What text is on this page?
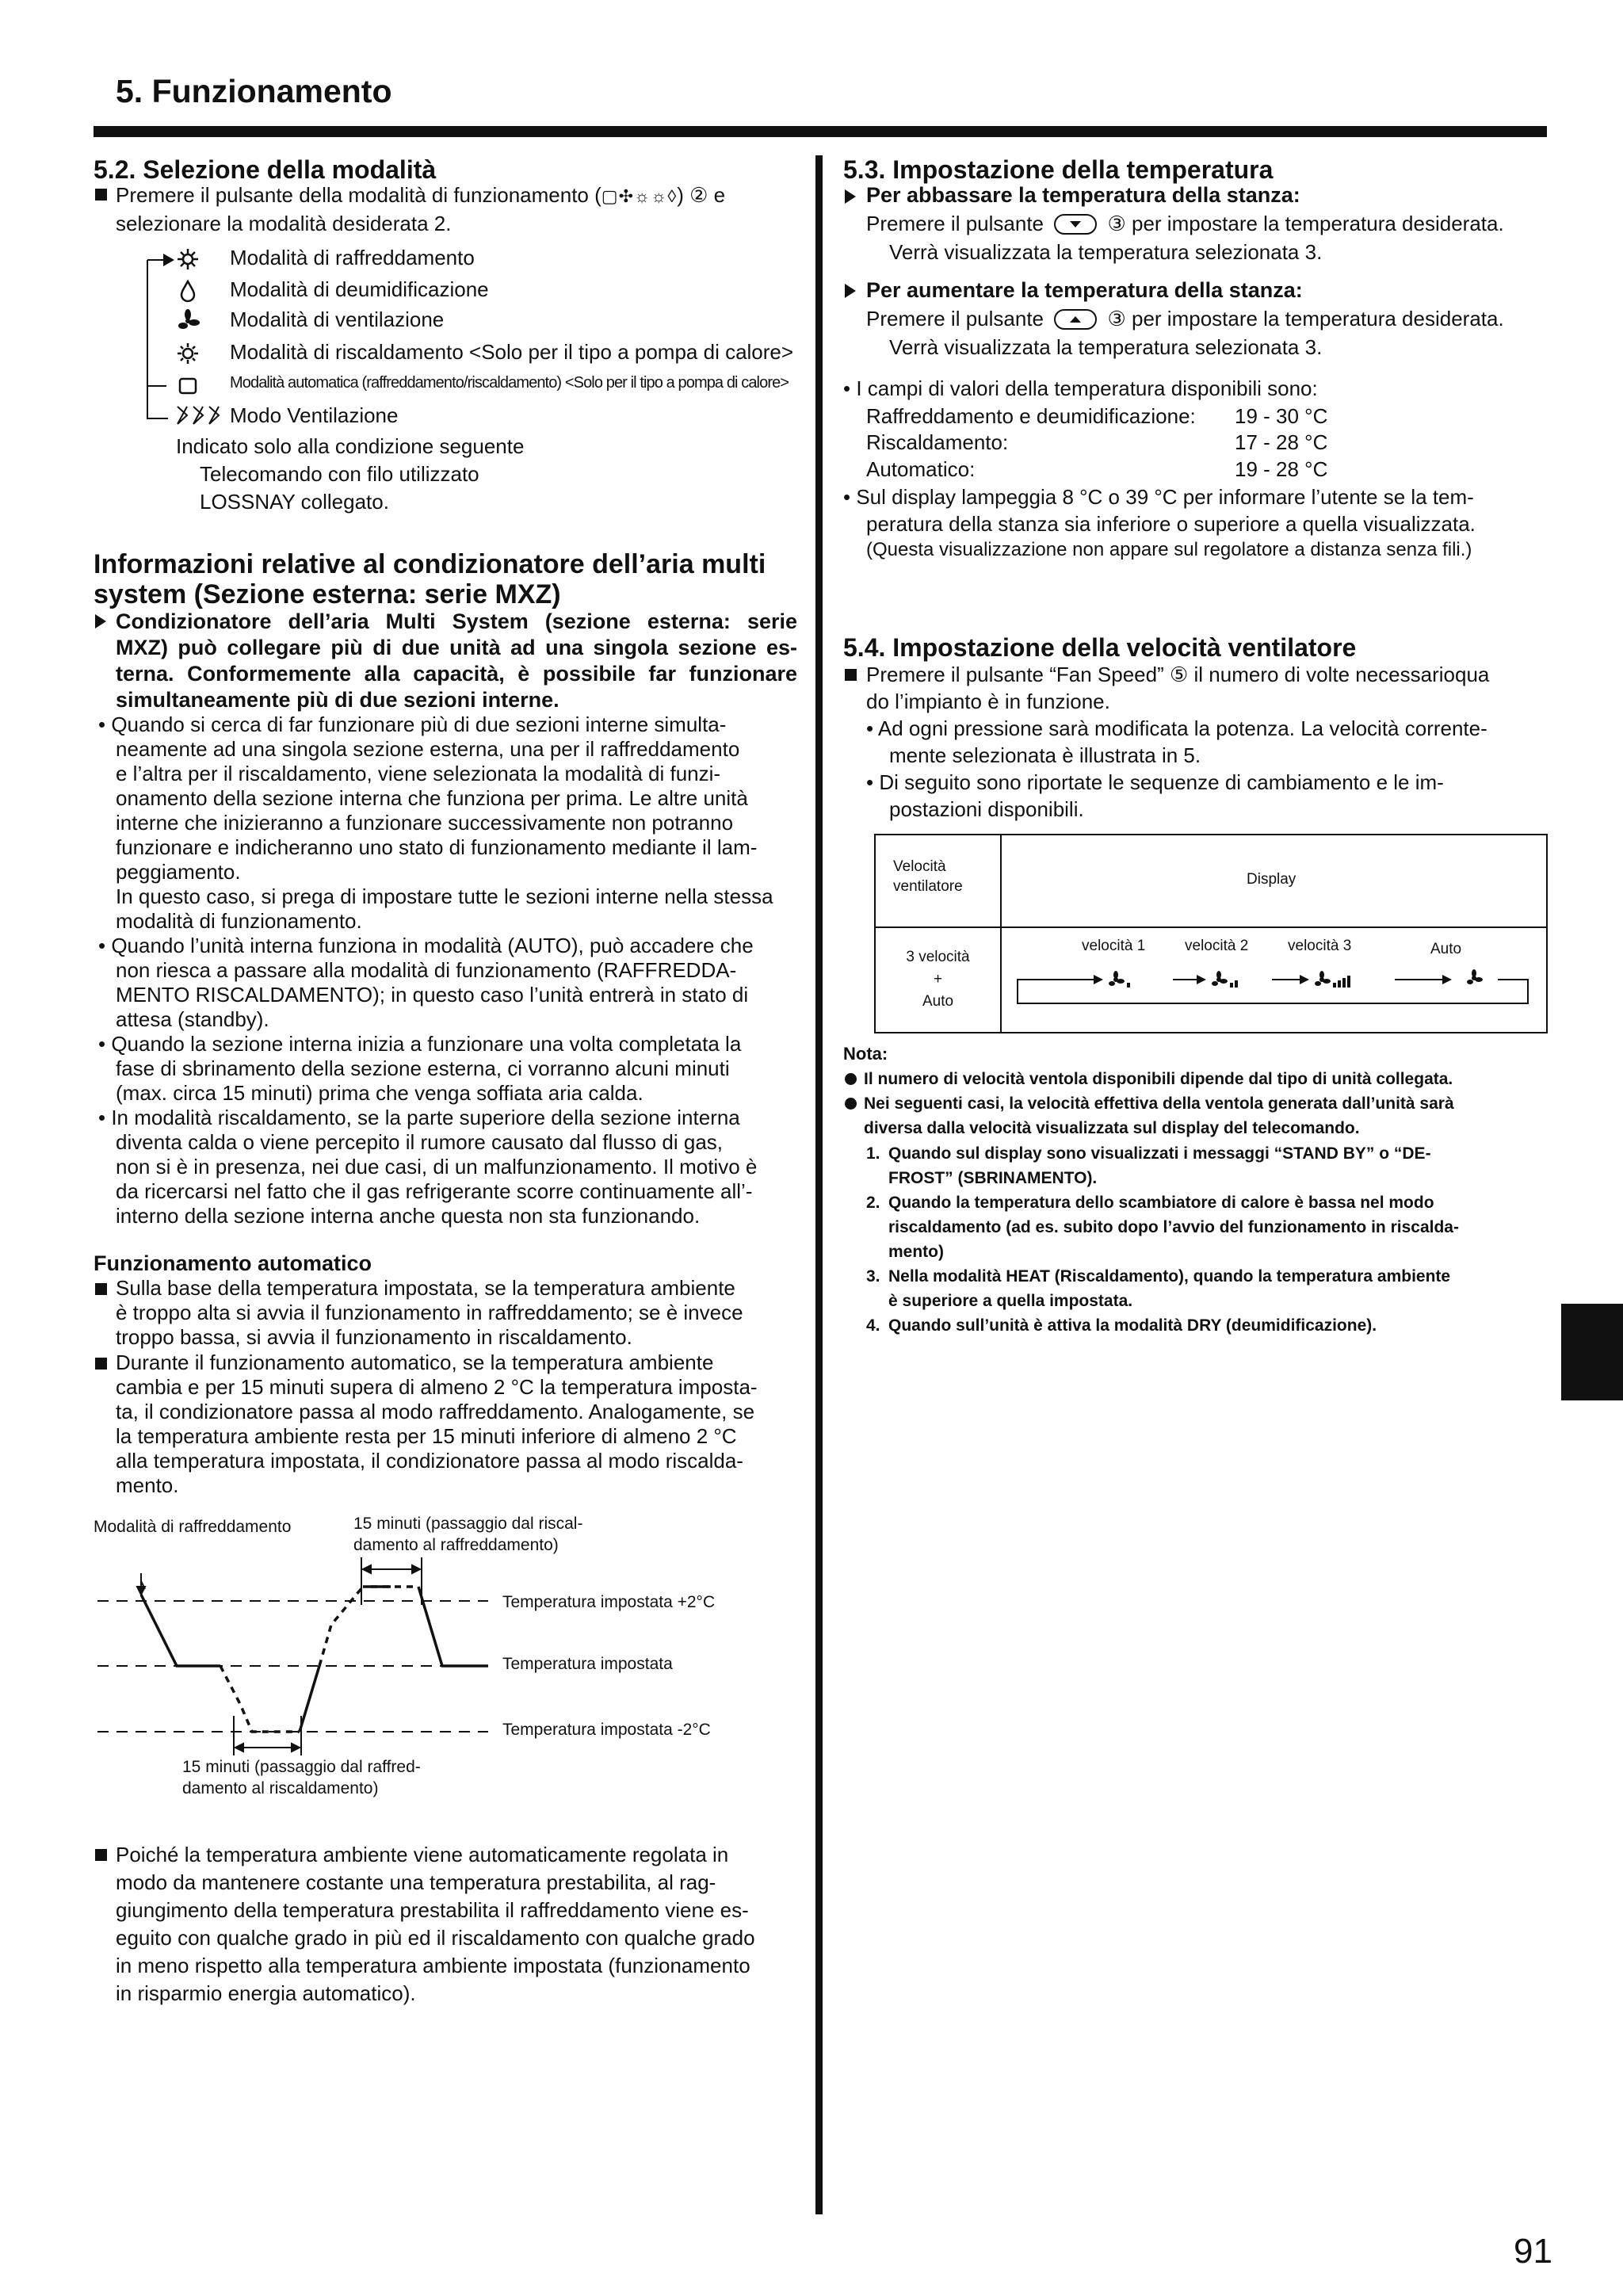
5. Funzionamento
91
5.2. Selezione della modalità
Premere il pulsante della modalità di funzionamento (▢✣☼☼◊) ② e
selezionare la modalità desiderata 2.
Modalità di raffreddamento
Modalità di deumidificazione
Modalità di ventilazione
Modalità di riscaldamento <Solo per il tipo a pompa di calore>
Modalità automatica (raffreddamento/riscaldamento) <Solo per il tipo a pompa di calore>
Modo Ventilazione
Indicato solo alla condizione seguente
Telecomando con filo utilizzato
LOSSNAY collegato.
Informazioni relative al condizionatore dell’aria multi
system (Sezione esterna: serie MXZ)
Condizionatore dell’aria Multi System (sezione esterna: serie
MXZ) può collegare più di due unità ad una singola sezione es-
terna. Conformemente alla capacità, è possibile far funzionare
simultaneamente più di due sezioni interne.
• Quando si cerca di far funzionare più di due sezioni interne simulta-
neamente ad una singola sezione esterna, una per il raffreddamento
e l’altra per il riscaldamento, viene selezionata la modalità di funzi-
onamento della sezione interna che funziona per prima. Le altre unità
interne che inizieranno a funzionare successivamente non potranno
funzionare e indicheranno uno stato di funzionamento mediante il lam-
peggiamento.
In questo caso, si prega di impostare tutte le sezioni interne nella stessa
modalità di funzionamento.
• Quando l’unità interna funziona in modalità (AUTO), può accadere che
non riesca a passare alla modalità di funzionamento (RAFFREDDA-
MENTO RISCALDAMENTO); in questo caso l’unità entrerà in stato di
attesa (standby).
• Quando la sezione interna inizia a funzionare una volta completata la
fase di sbrinamento della sezione esterna, ci vorranno alcuni minuti
(max. circa 15 minuti) prima che venga soffiata aria calda.
• In modalità riscaldamento, se la parte superiore della sezione interna
diventa calda o viene percepito il rumore causato dal flusso di gas,
non si è in presenza, nei due casi, di un malfunzionamento. Il motivo è
da ricercarsi nel fatto che il gas refrigerante scorre continuamente all’-
interno della sezione interna anche questa non sta funzionando.
Funzionamento automatico
Sulla base della temperatura impostata, se la temperatura ambiente
è troppo alta si avvia il funzionamento in raffreddamento; se è invece
troppo bassa, si avvia il funzionamento in riscaldamento.
Durante il funzionamento automatico, se la temperatura ambiente
cambia e per 15 minuti supera di almeno 2 °C la temperatura imposta-
ta, il condizionatore passa al modo raffreddamento. Analogamente, se
la temperatura ambiente resta per 15 minuti inferiore di almeno 2 °C
alla temperatura impostata, il condizionatore passa al modo riscalda-
mento.
Modalità di raffreddamento	15 minuti (passaggio dal riscal-
damento al raffreddamento)
Temperatura impostata +2°C
Temperatura impostata
Temperatura impostata -2°C
15 minuti (passaggio dal raffred-
damento al riscaldamento)
Poiché la temperatura ambiente viene automaticamente regolata in
modo da mantenere costante una temperatura prestabilita, al rag-
giungimento della temperatura prestabilita il raffreddamento viene es-
eguito con qualche grado in più ed il riscaldamento con qualche grado
in meno rispetto alla temperatura ambiente impostata (funzionamento
in risparmio energia automatico).
5.3. Impostazione della temperatura
Per abbassare la temperatura della stanza:
Premere il pulsante	③ per impostare la temperatura desiderata.
Verrà visualizzata la temperatura selezionata 3.
Per aumentare la temperatura della stanza:
Premere il pulsante	③ per impostare la temperatura desiderata.
Verrà visualizzata la temperatura selezionata 3.
• I campi di valori della temperatura disponibili sono:
Raffreddamento e deumidificazione: 19 - 30 °C
Riscaldamento:	17 - 28 °C
Automatico:	19 - 28 °C
• Sul display lampeggia 8 °C o 39 °C per informare l’utente se la tem-
peratura della stanza sia inferiore o superiore a quella visualizzata.
(Questa visualizzazione non appare sul regolatore a distanza senza fili.)
5.4. Impostazione della velocità ventilatore
Premere il pulsante “Fan Speed” ⑤ il numero di volte necessarioqua
do l’impianto è in funzione.
• Ad ogni pressione sarà modificata la potenza. La velocità corrente-
mente selezionata è illustrata in 5.
• Di seguito sono riportate le sequenze di cambiamento e le im-
postazioni disponibili.
Velocità
ventilatore	Display
3 velocità
+
Auto
velocità 1	velocità 2	velocità 3	Auto
Nota:
Il numero di velocità ventola disponibili dipende dal tipo di unità collegata.
Nei seguenti casi, la velocità effettiva della ventola generata dall’unità sarà
diversa dalla velocità visualizzata sul display del telecomando.
1. Quando sul display sono visualizzati i messaggi “STAND BY” o “DE-
FROST” (SBRINAMENTO).
2. Quando la temperatura dello scambiatore di calore è bassa nel modo
riscaldamento (ad es. subito dopo l’avvio del funzionamento in riscalda-
mento)
3. Nella modalità HEAT (Riscaldamento), quando la temperatura ambiente
è superiore a quella impostata.
4. Quando sull’unità è attiva la modalità DRY (deumidificazione).
